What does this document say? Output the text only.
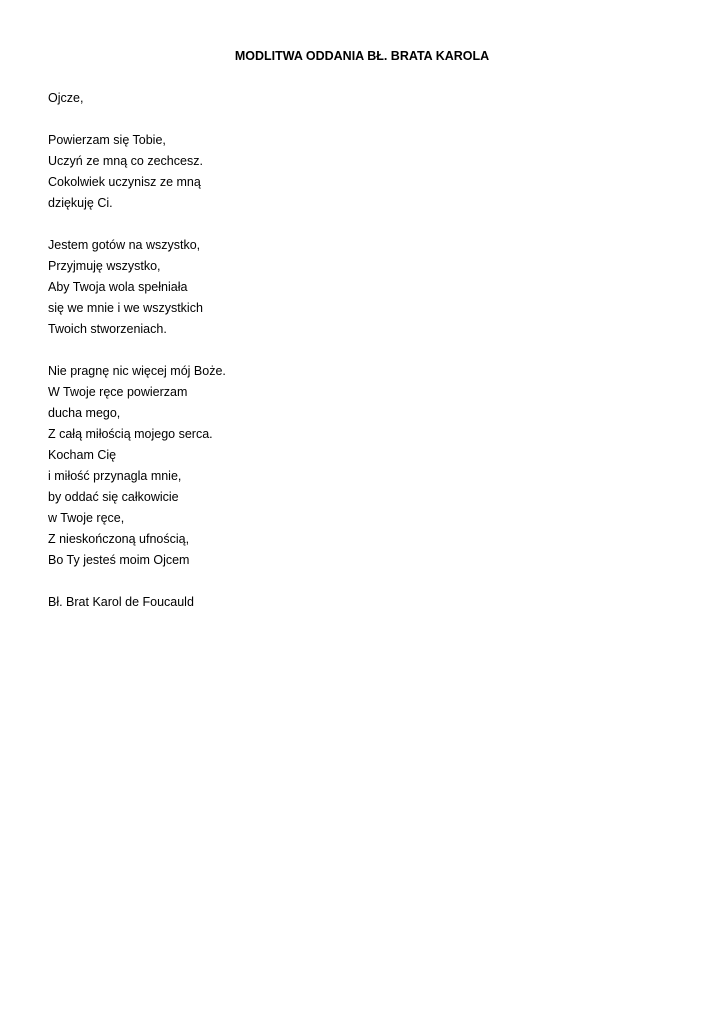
MODLITWA ODDANIA BŁ. BRATA KAROLA
Ojcze,
Powierzam się Tobie,
Uczyń ze mną co zechcesz.
Cokolwiek uczynisz ze mną
dziękuję Ci.
Jestem gotów na wszystko,
Przyjmuję wszystko,
Aby Twoja wola spełniała
się we mnie i we wszystkich
Twoich stworzeniach.
Nie pragnę nic więcej mój Boże.
W Twoje ręce powierzam
ducha mego,
Z całą miłością mojego serca.
Kocham Cię
i miłość przynagla mnie,
by oddać się całkowicie
w Twoje ręce,
Z nieskończoną ufnością,
Bo Ty jesteś moim Ojcem
Bł. Brat Karol de Foucauld
